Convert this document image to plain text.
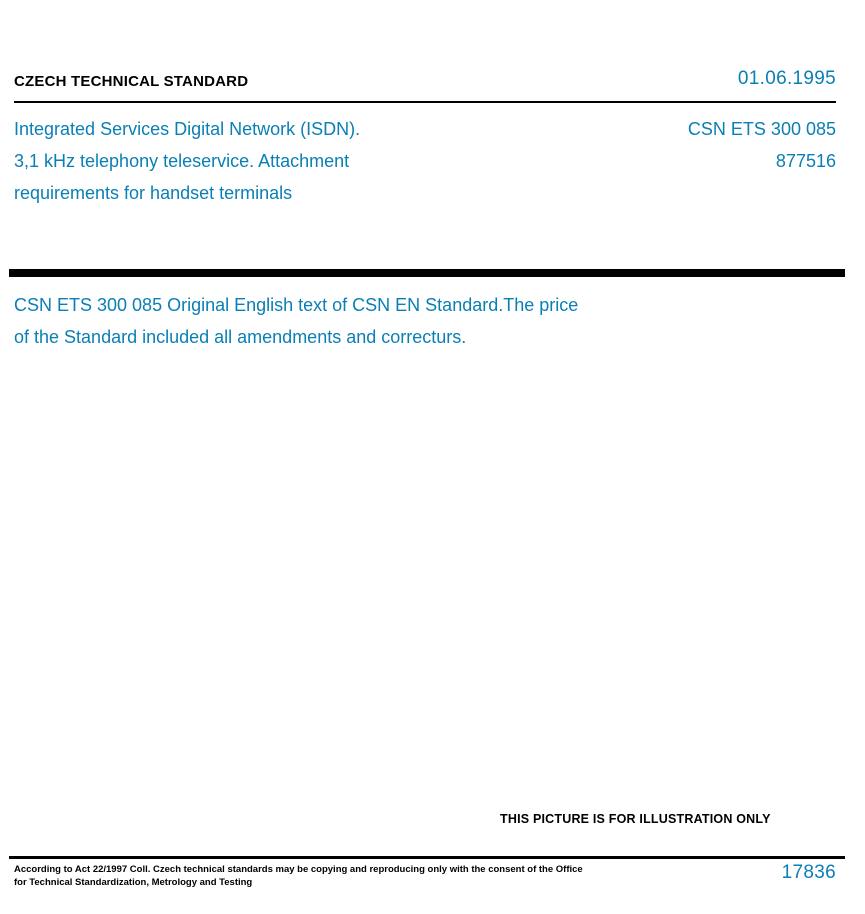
CZECH TECHNICAL STANDARD	01.06.1995
Integrated Services Digital Network (ISDN).
3,1 kHz telephony teleservice. Attachment
requirements for handset terminals
CSN ETS 300 085
877516
CSN ETS 300 085 Original English text of CSN EN Standard.The price
of the Standard included all amendments and correcturs.
THIS PICTURE IS FOR ILLUSTRATION ONLY
According to Act 22/1997 Coll. Czech technical standards may be copying and reproducing only with the consent of the Office
for Technical Standardization, Metrology and Testing	17836
